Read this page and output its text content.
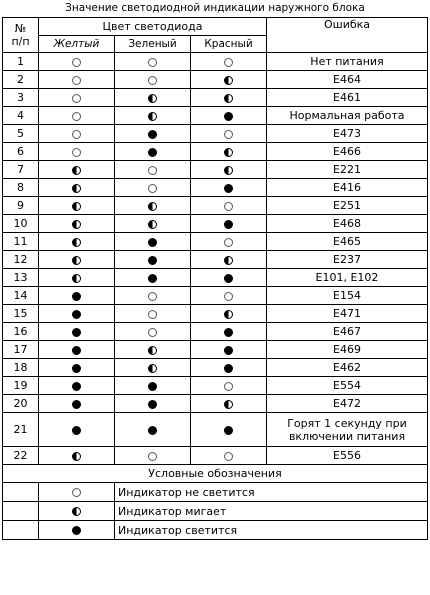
Значение светодиодной индикации наружного блока
№
п/п	Цвет светодиода			Ошибка
	Желтый	Зеленый	Красный	
1				Нет питания
2				E464
3				E461
4				Нормальная работа
5				E473
6				E466
7				E221
8				E416
9				E251
10				E468
11				E465
12				E237
13				E101, E102
14				E154
15				E471
16				E467
17				E469
18				E462
19				E554
20				E472
21				Горят 1 секунду при
включении питания
22				E556
Условные обозначения				
		Индикатор не светится		
		Индикатор мигает		
		Индикатор светится		
